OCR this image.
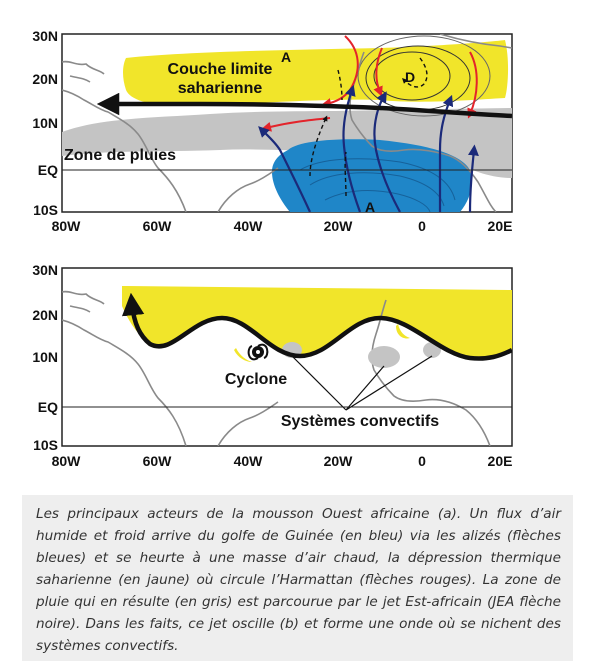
Couche limite
saharienne
Zone de pluies
A
A
D
30N
20N
10N
EQ
10S
80W	60W	40W	20W	0	20E
Cyclone
Systèmes convectifs
30N
20N
10N
EQ
10S
80W	60W	40W	20W	0	20E

Les principaux acteurs de la mousson Ouest africaine (a). Un flux d’air humide et froid arrive du golfe de Guinée (en bleu) via les alizés (flèches bleues) et se heurte à une masse d’air chaud, la dépression thermique saharienne (en jaune) où circule l’Harmattan (flèches rouges). La zone de pluie qui en résulte (en gris) est parcourue par le jet Est-africain (JEA flèche noire). Dans les faits, ce jet oscille (b) et forme une onde où se nichent des systèmes convectifs.
